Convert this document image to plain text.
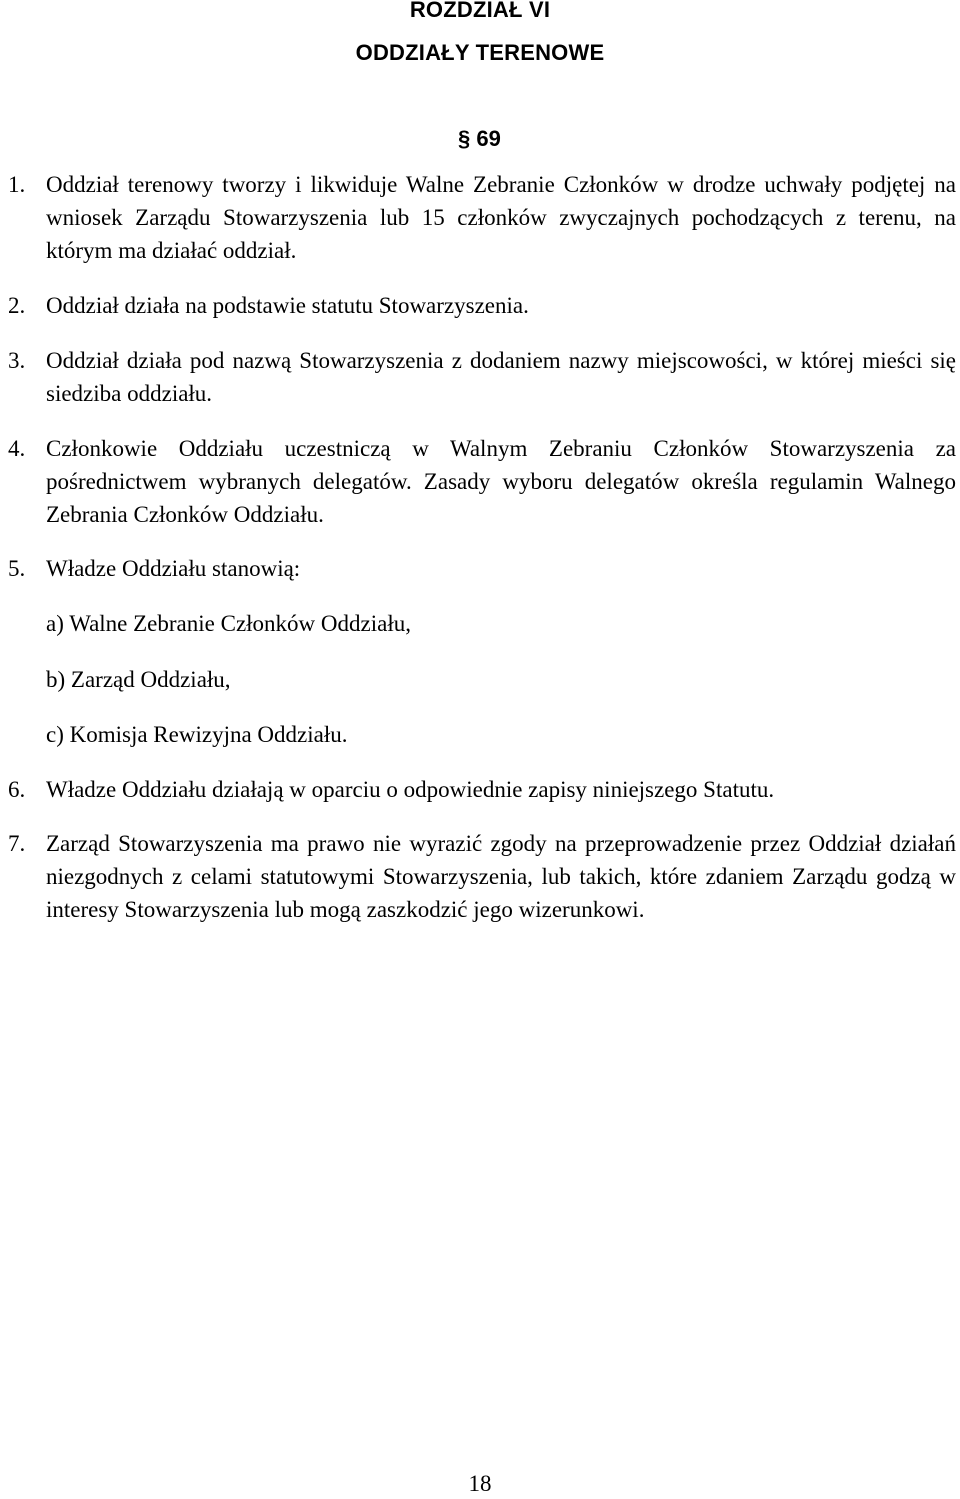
ROZDZIAŁ VI
ODDZIAŁY TERENOWE
§ 69
1. Oddział terenowy tworzy i likwiduje Walne Zebranie Członków w drodze uchwały podjętej na wniosek Zarządu Stowarzyszenia lub 15 członków zwyczajnych pochodzących z terenu, na którym ma działać oddział.
2. Oddział działa na podstawie statutu Stowarzyszenia.
3. Oddział działa pod nazwą Stowarzyszenia z dodaniem nazwy miejscowości, w której mieści się siedziba oddziału.
4. Członkowie Oddziału uczestniczą w Walnym Zebraniu Członków Stowarzyszenia za pośrednictwem wybranych delegatów. Zasady wyboru delegatów określa regulamin Walnego Zebrania Członków Oddziału.
5. Władze Oddziału stanowią:
a) Walne Zebranie Członków Oddziału,
b) Zarząd Oddziału,
c) Komisja Rewizyjna Oddziału.
6. Władze Oddziału działają w oparciu o odpowiednie zapisy niniejszego Statutu.
7. Zarząd Stowarzyszenia ma prawo nie wyrazić zgody na przeprowadzenie przez Oddział działań niezgodnych z celami statutowymi Stowarzyszenia, lub takich, które zdaniem Zarządu godzą w interesy Stowarzyszenia lub mogą zaszkodzić jego wizerunkowi.
18
